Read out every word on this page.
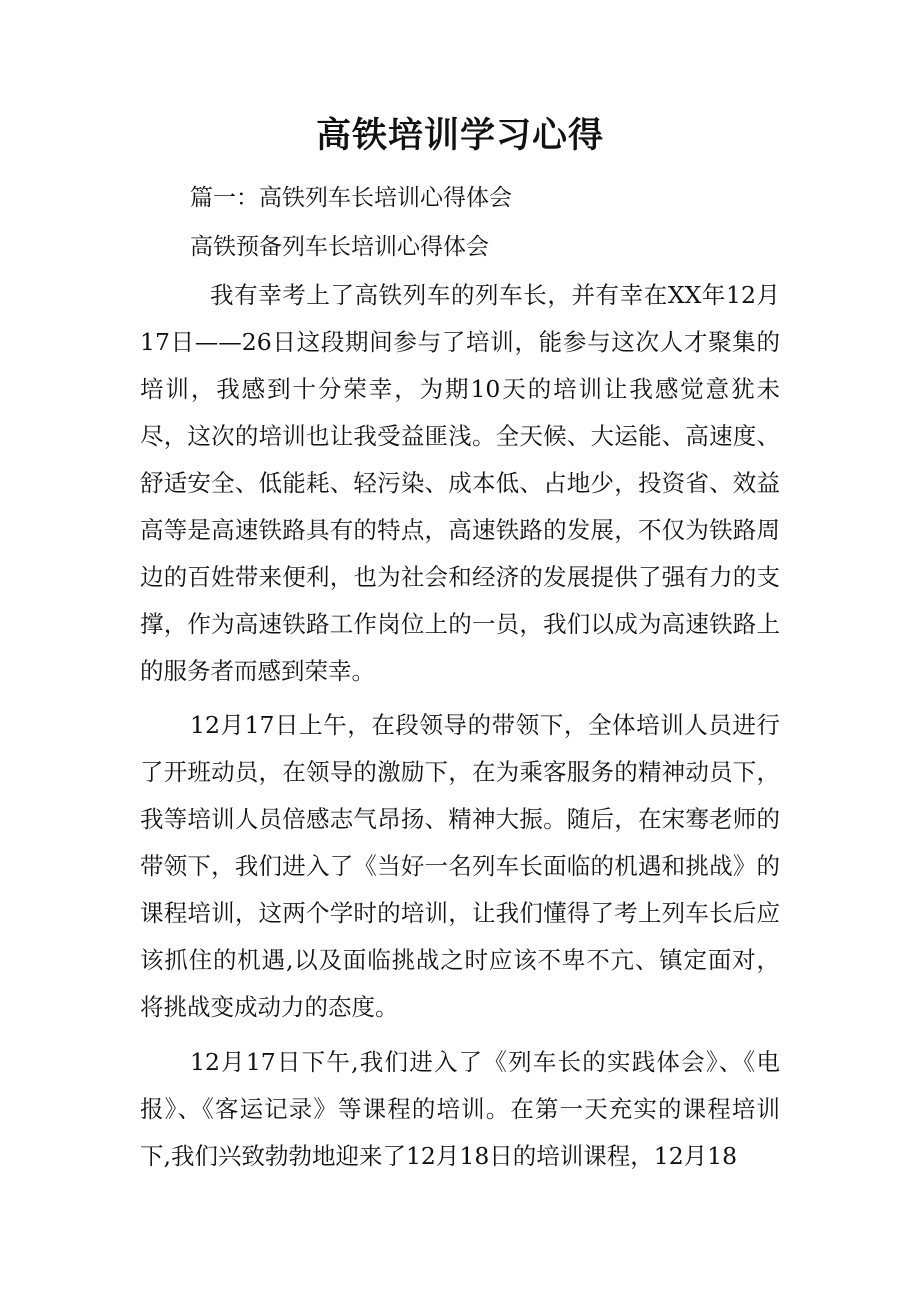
高铁培训学习心得
篇一：高铁列车长培训心得体会
高铁预备列车长培训心得体会
我有幸考上了高铁列车的列车长，并有幸在XX年12月17日——26日这段期间参与了培训，能参与这次人才聚集的培训，我感到十分荣幸，为期10天的培训让我感觉意犹未尽，这次的培训也让我受益匪浅。全天候、大运能、高速度、舒适安全、低能耗、轻污染、成本低、占地少，投资省、效益高等是高速铁路具有的特点，高速铁路的发展，不仅为铁路周边的百姓带来便利，也为社会和经济的发展提供了强有力的支撑，作为高速铁路工作岗位上的一员，我们以成为高速铁路上的服务者而感到荣幸。
12月17日上午，在段领导的带领下，全体培训人员进行了开班动员，在领导的激励下，在为乘客服务的精神动员下，我等培训人员倍感志气昂扬、精神大振。随后，在宋骞老师的带领下，我们进入了《当好一名列车长面临的机遇和挑战》的课程培训，这两个学时的培训，让我们懂得了考上列车长后应该抓住的机遇,以及面临挑战之时应该不卑不亢、镇定面对，将挑战变成动力的态度。
12月17日下午,我们进入了《列车长的实践体会》、《电报》、《客运记录》等课程的培训。在第一天充实的课程培训下,我们兴致勃勃地迎来了12月18日的培训课程，12月18
